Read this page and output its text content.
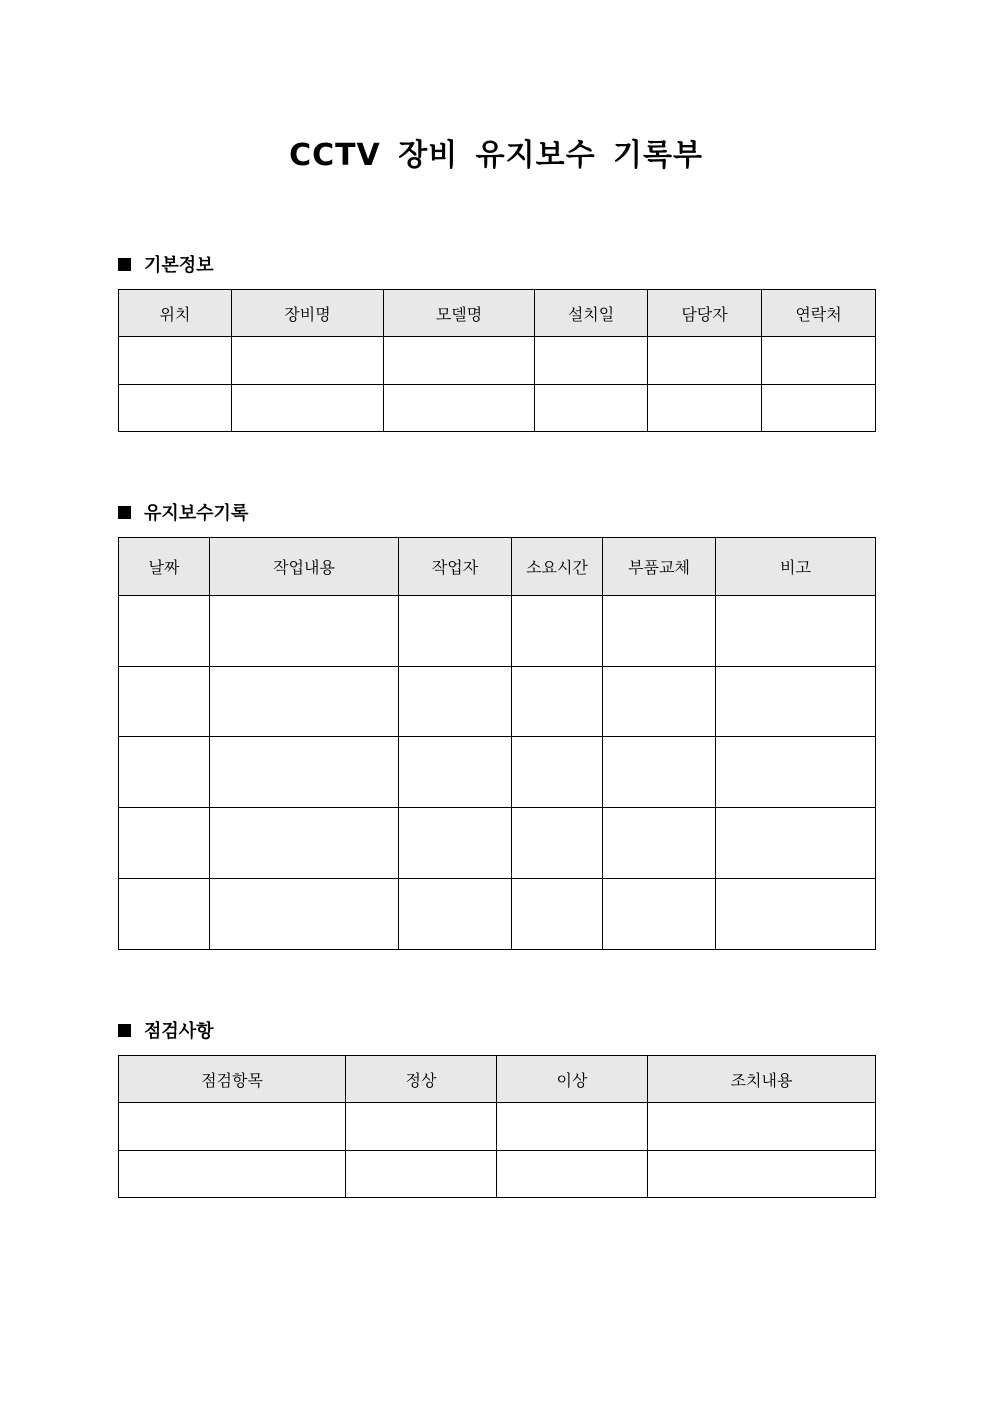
CCTV 장비 유지보수 기록부
기본정보
위치	장비명	모델명	설치일	담당자	연락처

유지보수기록
날짜	작업내용	작업자	소요시간	부품교체	비고

점검사항
점검항목	정상	이상	조치내용
